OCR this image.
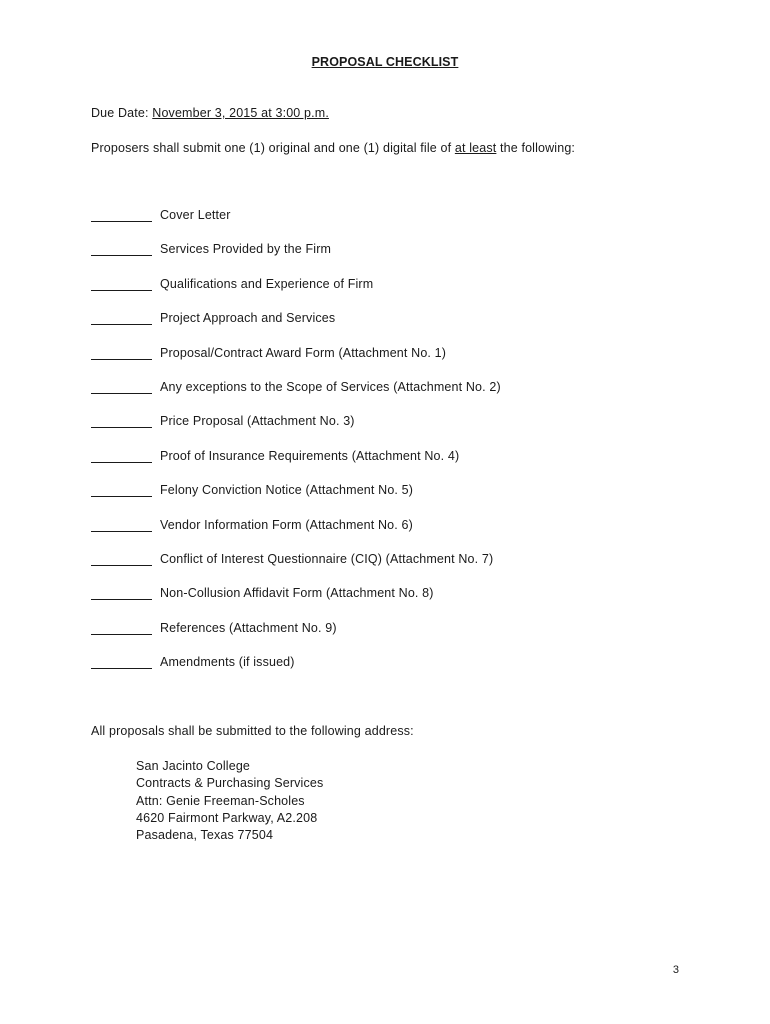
PROPOSAL CHECKLIST
Due Date: November 3, 2015 at 3:00 p.m.
Proposers shall submit one (1) original and one (1) digital file of at least the following:
Cover Letter
Services Provided by the Firm
Qualifications and Experience of Firm
Project Approach and Services
Proposal/Contract Award Form (Attachment No. 1)
Any exceptions to the Scope of Services (Attachment No. 2)
Price Proposal (Attachment No. 3)
Proof of Insurance Requirements (Attachment No. 4)
Felony Conviction Notice (Attachment No. 5)
Vendor Information Form (Attachment No. 6)
Conflict of Interest Questionnaire (CIQ) (Attachment No. 7)
Non-Collusion Affidavit Form (Attachment No. 8)
References (Attachment No. 9)
Amendments (if issued)
All proposals shall be submitted to the following address:
San Jacinto College
Contracts & Purchasing Services
Attn: Genie Freeman-Scholes
4620 Fairmont Parkway, A2.208
Pasadena, Texas 77504
3
